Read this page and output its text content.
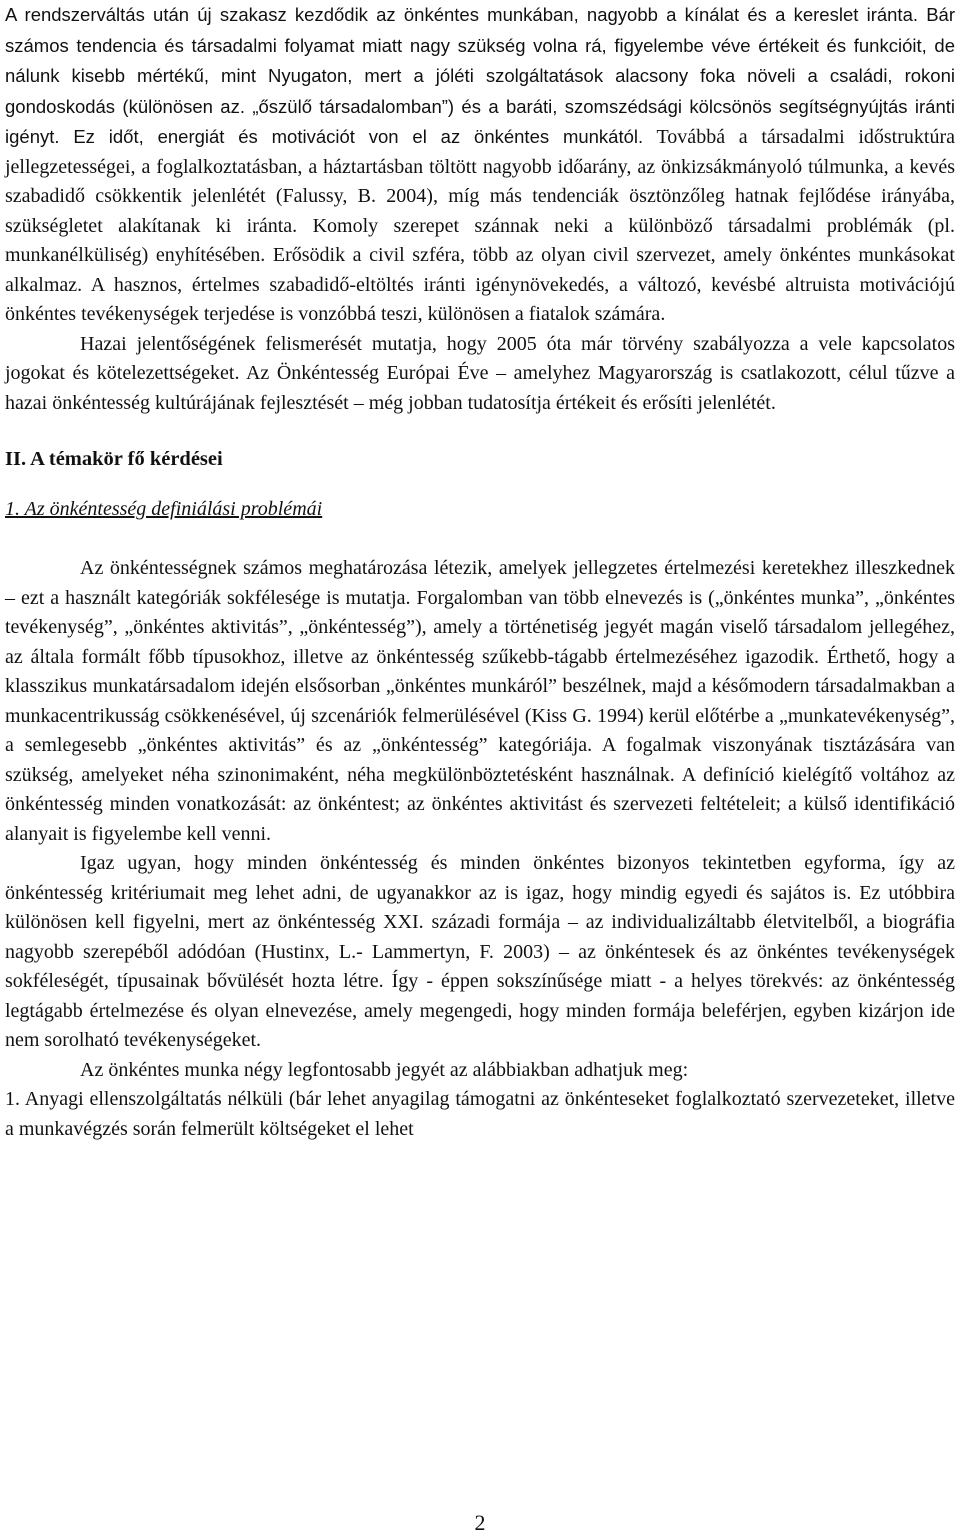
A rendszerváltás után új szakasz kezdődik az önkéntes munkában, nagyobb a kínálat és a kereslet iránta. Bár számos tendencia és társadalmi folyamat miatt nagy szükség volna rá, figyelembe véve értékeit és funkcióit, de nálunk kisebb mértékű, mint Nyugaton, mert a jóléti szolgáltatások alacsony foka növeli a családi, rokoni gondoskodás (különösen az. „őszülő társadalomban”) és a baráti, szomszédsági kölcsönös segítségnyújtás iránti igényt. Ez időt, energiát és motivációt von el az önkéntes munkától. Továbbá a társadalmi időstruktúra jellegzetességei, a foglalkoztatásban, a háztartásban töltött nagyobb időarány, az önkizsákmányoló túlmunka, a kevés szabadidő csökkentik jelenlétét (Falussy, B. 2004), míg más tendenciák ösztönzőleg hatnak fejlődése irányába, szükségletet alakítanak ki iránta. Komoly szerepet szánnak neki a különböző társadalmi problémák (pl. munkanélküliség) enyhítésében. Erősödik a civil szféra, több az olyan civil szervezet, amely önkéntes munkásokat alkalmaz. A hasznos, értelmes szabadidő-eltöltés iránti igénynövekedés, a változó, kevésbé altruista motivációjú önkéntes tevékenységek terjedése is vonzóbbá teszi, különösen a fiatalok számára.

Hazai jelentőségének felismerését mutatja, hogy 2005 óta már törvény szabályozza a vele kapcsolatos jogokat és kötelezettségeket. Az Önkéntesség Európai Éve – amelyhez Magyarország is csatlakozott, célul tűzve a hazai önkéntesség kultúrájának fejlesztését – még jobban tudatosítja értékeit és erősíti jelenlétét.

II. A témakör fő kérdései

1. Az önkéntesség definiálási problémái

Az önkéntességnek számos meghatározása létezik, amelyek jellegzetes értelmezési keretekhez illeszkednek – ezt a használt kategóriák sokfélesége is mutatja. Forgalomban van több elnevezés is („önkéntes munka”, „önkéntes tevékenység”, „önkéntes aktivitás”, „önkéntesség”), amely a történetiség jegyét magán viselő társadalom jellegéhez, az általa formált főbb típusokhoz, illetve az önkéntesség szűkebb-tágabb értelmezéséhez igazodik. Érthető, hogy a klasszikus munkatársadalom idején elsősorban „önkéntes munkáról” beszélnek, majd a későmodern társadalmakban a munkacentrikusság csökkenésével, új szcenáriók felmerülésével (Kiss G. 1994) kerül előtérbe a „munkatevékenység”, a semlegesebb „önkéntes aktivitás” és az „önkéntesség” kategóriája. A fogalmak viszonyának tisztázására van szükség, amelyeket néha szinonimaként, néha megkülönböztetésként használnak. A definíció kielégítő voltához az önkéntesség minden vonatkozását: az önkéntest; az önkéntes aktivitást és szervezeti feltételeit; a külső identifikáció alanyait is figyelembe kell venni.

Igaz ugyan, hogy minden önkéntesség és minden önkéntes bizonyos tekintetben egyforma, így az önkéntesség kritériumait meg lehet adni, de ugyanakkor az is igaz, hogy mindig egyedi és sajátos is. Ez utóbbira különösen kell figyelni, mert az önkéntesség XXI. századi formája – az individualizáltabb életvitelből, a biográfia nagyobb szerepéből adódóan (Hustinx, L.- Lammertyn, F. 2003) – az önkéntesek és az önkéntes tevékenységek sokféleségét, típusainak bővülését hozta létre. Így - éppen sokszínűsége miatt - a helyes törekvés: az önkéntesség legtágabb értelmezése és olyan elnevezése, amely megengedi, hogy minden formája beleférjen, egyben kizárjon ide nem sorolható tevékenységeket.

Az önkéntes munka négy legfontosabb jegyét az alábbiakban adhatjuk meg:

1. Anyagi ellenszolgáltatás nélküli (bár lehet anyagilag támogatni az önkénteseket foglalkoztató szervezeteket, illetve a munkavégzés során felmerült költségeket el lehet

2
